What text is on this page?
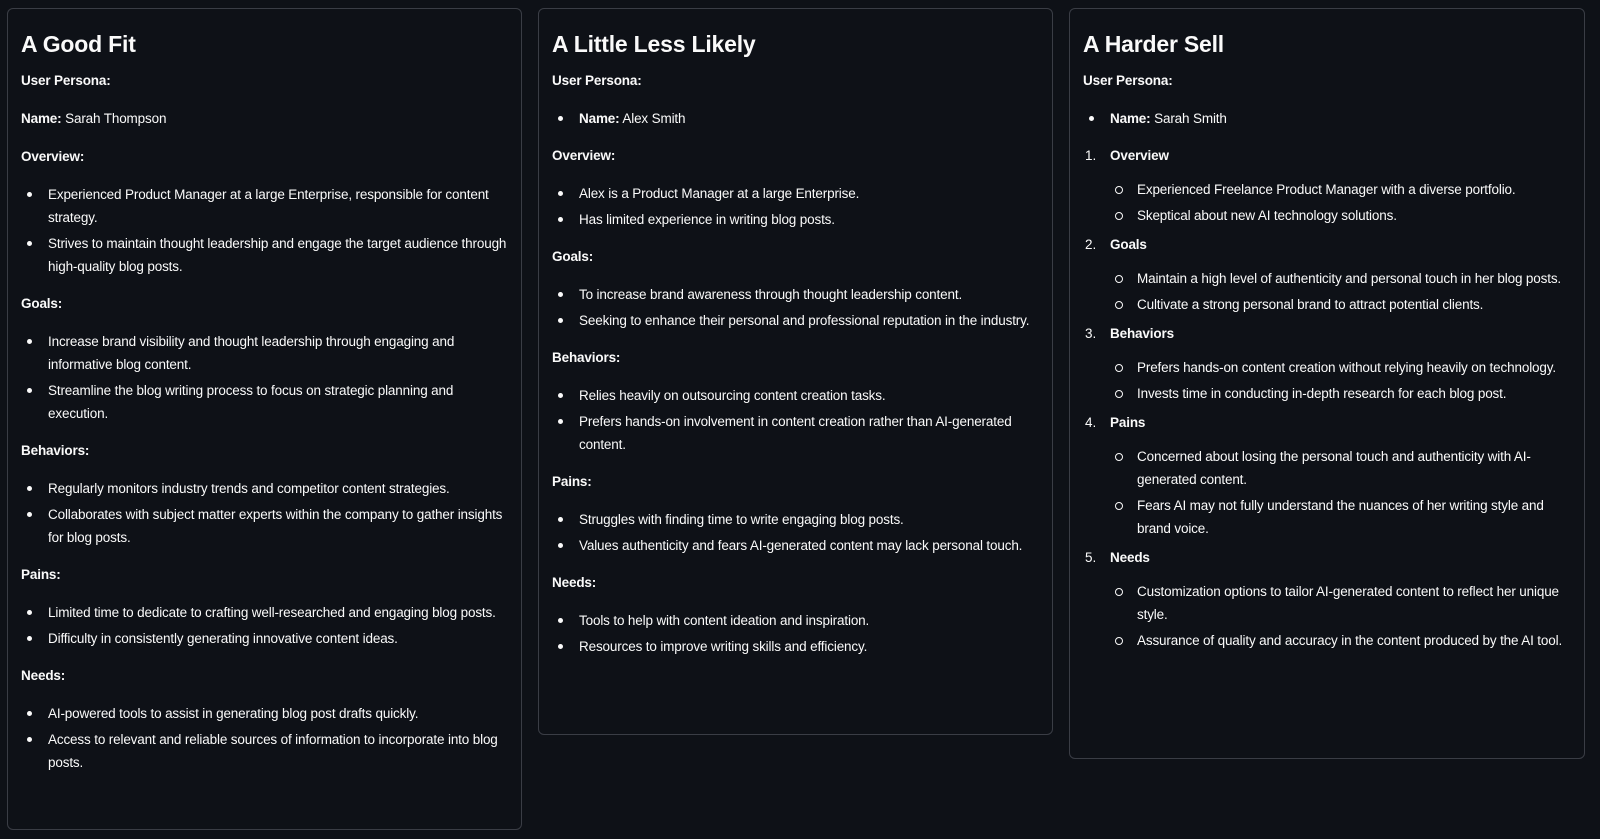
A Good Fit

User Persona:

Name: Sarah Thompson

Overview:

Experienced Product Manager at a large Enterprise, responsible for content strategy.
Strives to maintain thought leadership and engage the target audience through high-quality blog posts.

Goals:

Increase brand visibility and thought leadership through engaging and informative blog content.
Streamline the blog writing process to focus on strategic planning and execution.

Behaviors:

Regularly monitors industry trends and competitor content strategies.
Collaborates with subject matter experts within the company to gather insights for blog posts.

Pains:

Limited time to dedicate to crafting well-researched and engaging blog posts.
Difficulty in consistently generating innovative content ideas.

Needs:

AI-powered tools to assist in generating blog post drafts quickly.
Access to relevant and reliable sources of information to incorporate into blog posts.
A Little Less Likely

User Persona:

Name: Alex Smith

Overview:

Alex is a Product Manager at a large Enterprise.
Has limited experience in writing blog posts.

Goals:

To increase brand awareness through thought leadership content.
Seeking to enhance their personal and professional reputation in the industry.

Behaviors:

Relies heavily on outsourcing content creation tasks.
Prefers hands-on involvement in content creation rather than AI-generated content.

Pains:

Struggles with finding time to write engaging blog posts.
Values authenticity and fears AI-generated content may lack personal touch.

Needs:

Tools to help with content ideation and inspiration.
Resources to improve writing skills and efficiency.
A Harder Sell

User Persona:

Name: Sarah Smith
1. Overview

Experienced Freelance Product Manager with a diverse portfolio.
Skeptical about new AI technology solutions.
2. Goals

Maintain a high level of authenticity and personal touch in her blog posts.
Cultivate a strong personal brand to attract potential clients.
3. Behaviors

Prefers hands-on content creation without relying heavily on technology.
Invests time in conducting in-depth research for each blog post.
4. Pains

Concerned about losing the personal touch and authenticity with AI-generated content.
Fears AI may not fully understand the nuances of her writing style and brand voice.
5. Needs

Customization options to tailor AI-generated content to reflect her unique style.
Assurance of quality and accuracy in the content produced by the AI tool.
